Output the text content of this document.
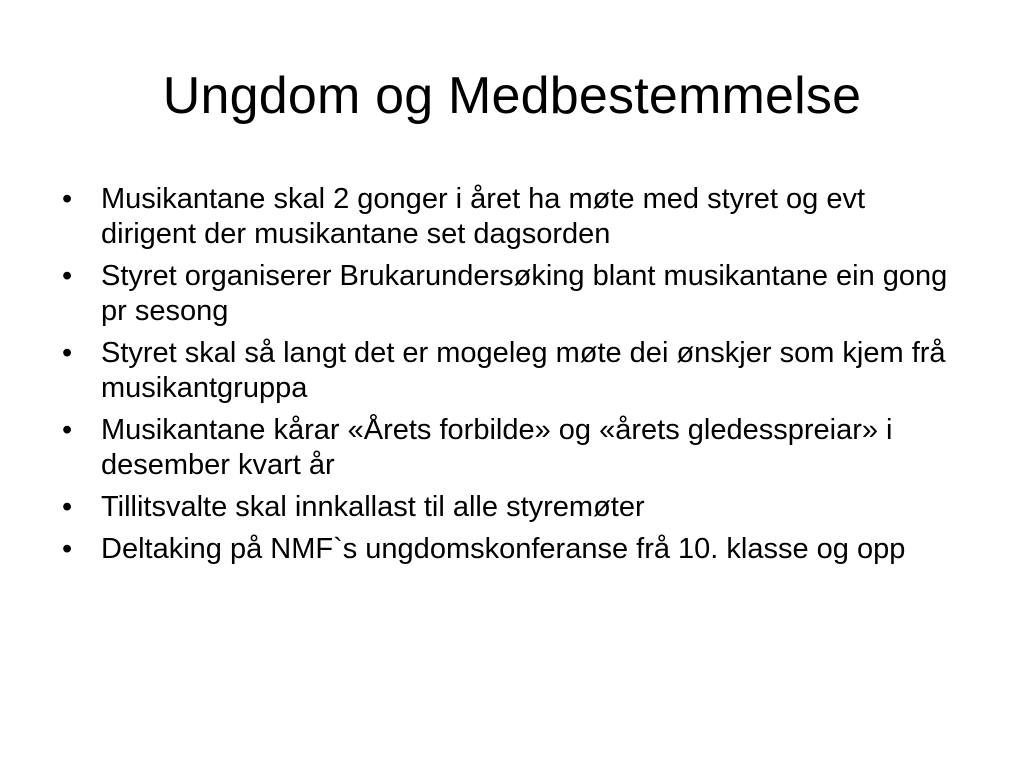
Ungdom og Medbestemmelse
• Musikantane skal 2 gonger i året ha møte med styret og evt dirigent der musikantane set dagsorden
• Styret organiserer Brukarundersøking blant musikantane ein gong pr sesong
• Styret skal så langt det er mogeleg møte dei ønskjer som kjem frå musikantgruppa
• Musikantane kårar «Årets forbilde» og «årets gledesspreiar» i desember kvart år
• Tillitsvalte skal innkallast til alle styremøter
• Deltaking på NMF`s ungdomskonferanse frå 10. klasse og opp
